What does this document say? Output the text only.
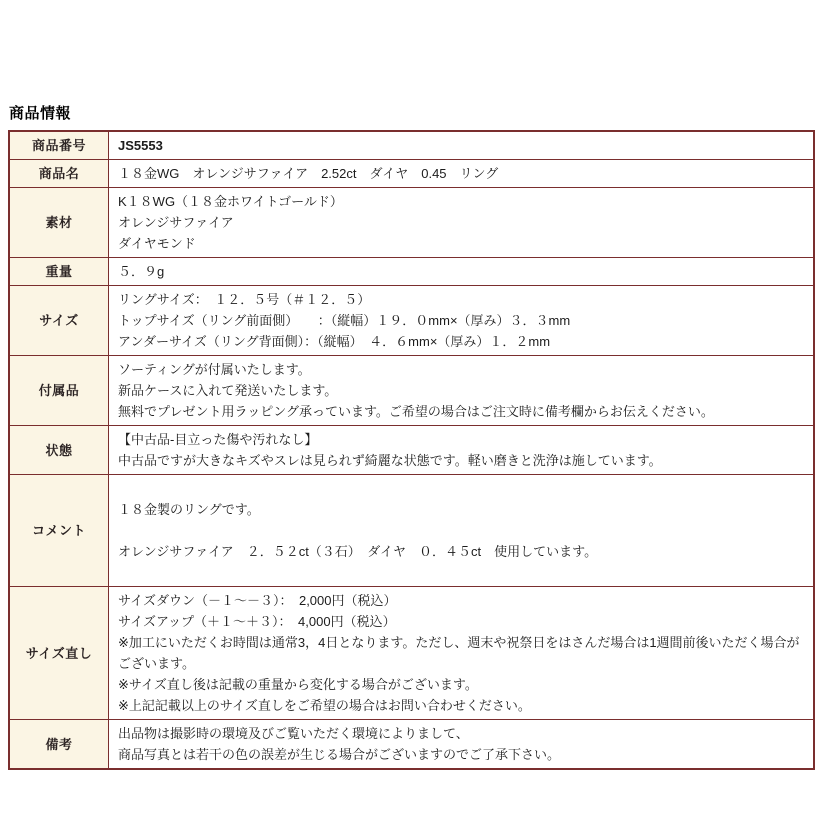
商品情報
商品番号	JS5553

商品名	１８金WG　オレンジサファイア　2.52ct　ダイヤ　0.45　リング

素材	K１８WG（１８金ホワイトゴールド）
オレンジサファイア
ダイヤモンド

重量	５．９g

サイズ	リングサイズ：　１２．５号（＃１２．５）
トップサイズ（リング前面側）　　：（縦幅）１９．０mm×（厚み）３．３mm
アンダーサイズ（リング背面側）：（縦幅）　４．６mm×（厚み）１．２mm

付属品	ソーティングが付属いたします。
新品ケースに入れて発送いたします。
無料でプレゼント用ラッピング承っています。ご希望の場合はご注文時に備考欄からお伝えください。

状態	【中古品-目立った傷や汚れなし】
中古品ですが大きなキズやスレは見られず綺麗な状態です。軽い磨きと洗浄は施しています。

コメント	１８金製のリングです。

オレンジサファイア　２．５２ct（３石）　ダイヤ　０．４５ct　使用しています。

サイズ直し	サイズダウン（－１～－３）：　2,000円（税込）
サイズアップ（＋１～＋３）：　4,000円（税込）
※加工にいただくお時間は通常3，4日となります。ただし、週末や祝祭日をはさんだ場合は1週間前後いただく場合がございます。
※サイズ直し後は記載の重量から変化する場合がございます。
※上記記載以上のサイズ直しをご希望の場合はお問い合わせください。

備考	出品物は撮影時の環境及びご覧いただく環境によりまして、
商品写真とは若干の色の誤差が生じる場合がございますのでご了承下さい。
